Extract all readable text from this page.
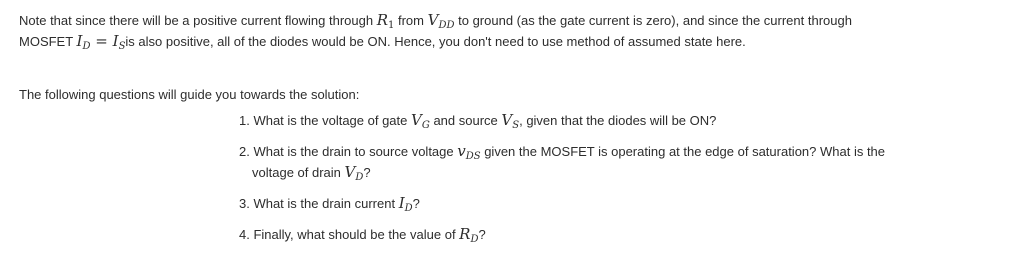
Note that since there will be a positive current flowing through $R_1$ from $V_{DD}$ to ground (as the gate current is zero), and since the current through
MOSFET $I_D = I_Sis$ also positive, all of the diodes would be ON. Hence, you don't need to use method of assumed state here.

The following questions will guide you towards the solution:

1. What is the voltage of gate $V_G$ and source $V_S$, given that the diodes will be ON?
2. What is the drain to source voltage $v_{DS}$ given the MOSFET is operating at the edge of saturation? What is the
voltage of drain $V_D$?
3. What is the drain current $I_D$?
4. Finally, what should be the value of $R_D$?
